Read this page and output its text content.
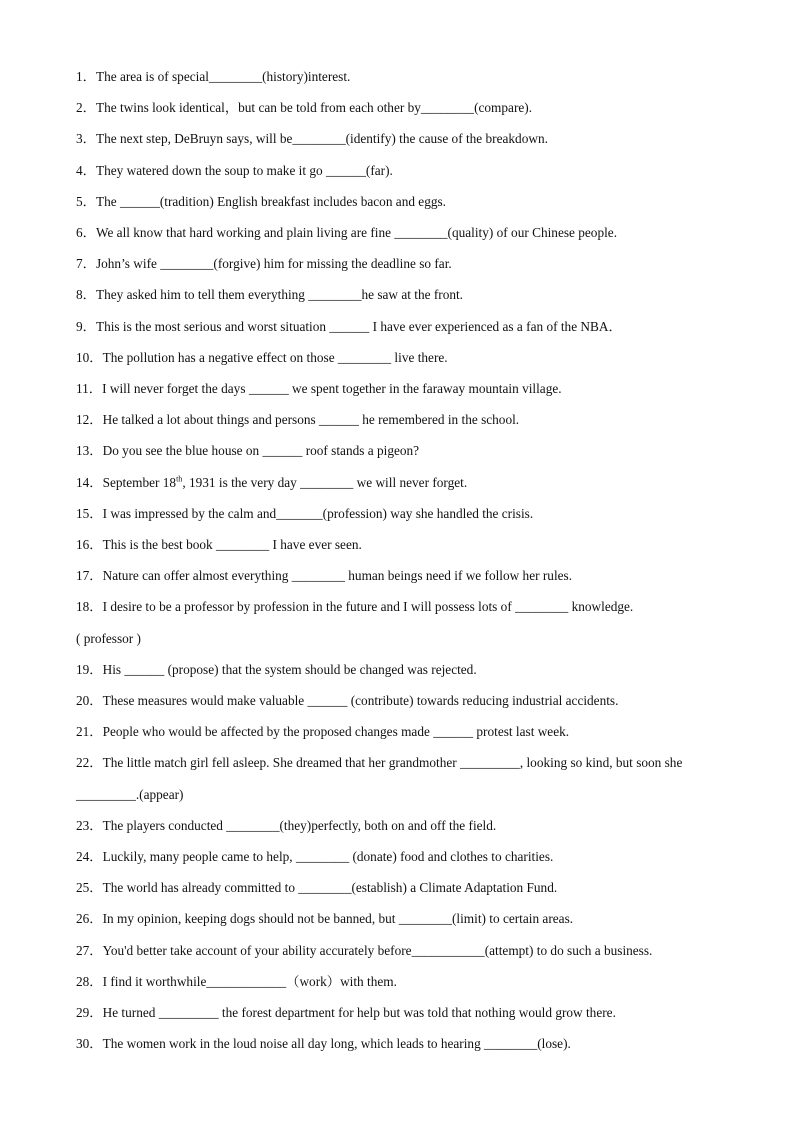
1．The area is of special________(history)interest.
2．The twins look identical，but can be told from each other by________(compare).
3．The next step, DeBruyn says, will be________(identify) the cause of the breakdown.
4．They watered down the soup to make it go ______(far).
5．The ______(tradition) English breakfast includes bacon and eggs.
6．We all know that hard working and plain living are fine ________(quality) of our Chinese people.
7．John’s wife ________(forgive) him for missing the deadline so far.
8．They asked him to tell them everything ________he saw at the front.
9．This is the most serious and worst situation ______ I have ever experienced as a fan of the NBA．
10．The pollution has a negative effect on those ________ live there.
11．I will never forget the days ______ we spent together in the faraway mountain village.
12．He talked a lot about things and persons ______ he remembered in the school.
13．Do you see the blue house on ______ roof stands a pigeon?
14．September 18th, 1931 is the very day ________ we will never forget.
15．I was impressed by the calm and_______(profession) way she handled the crisis.
16．This is the best book ________ I have ever seen.
17．Nature can offer almost everything ________ human beings need if we follow her rules.
18．I desire to be a professor by profession in the future and I will possess lots of ________ knowledge.
( professor )
19．His ______ (propose) that the system should be changed was rejected.
20．These measures would make valuable ______ (contribute) towards reducing industrial accidents.
21．People who would be affected by the proposed changes made ______ protest last week.
22．The little match girl fell asleep. She dreamed that her grandmother _________, looking so kind, but soon she
_________.(appear)
23．The players conducted ________(they)perfectly, both on and off the field.
24．Luckily, many people came to help, ________ (donate) food and clothes to charities.
25．The world has already committed to ________(establish) a Climate Adaptation Fund.
26．In my opinion, keeping dogs should not be banned, but ________(limit) to certain areas.
27．You'd better take account of your ability accurately before___________(attempt) to do such a business.
28．I find it worthwhile____________（work）with them.
29．He turned _________ the forest department for help but was told that nothing would grow there.
30．The women work in the loud noise all day long, which leads to hearing ________(lose).
